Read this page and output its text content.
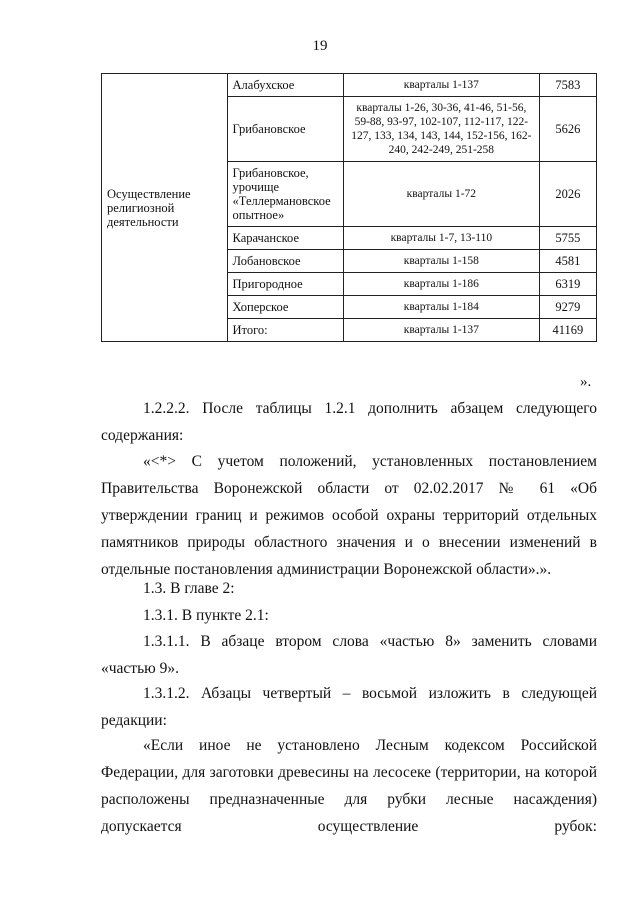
19
Осуществление религиозной деятельности	Алабухское	кварталы 1-137	7583
	Грибановское	кварталы 1-26, 30-36, 41-46, 51-56, 59-88, 93-97, 102-107, 112-117, 122-127, 133, 134, 143, 144, 152-156, 162-240, 242-249, 251-258	5626
	Грибановское, урочище «Теллермановское опытное»	кварталы 1-72	2026
	Карачанское	кварталы 1-7, 13-110	5755
	Лобановское	кварталы 1-158	4581
	Пригородное	кварталы 1-186	6319
	Хоперское	кварталы 1-184	9279
	Итого:	кварталы 1-137	41169
».
1.2.2.2. После таблицы 1.2.1 дополнить абзацем следующего содержания:
«<*> С учетом положений, установленных постановлением Правительства Воронежской области от 02.02.2017 № 61 «Об утверждении границ и режимов особой охраны территорий отдельных памятников природы областного значения и о внесении изменений в отдельные постановления администрации Воронежской области».».
1.3. В главе 2:
1.3.1. В пункте 2.1:
1.3.1.1. В абзаце втором слова «частью 8» заменить словами «частью 9».
1.3.1.2. Абзацы четвертый – восьмой изложить в следующей редакции:
«Если иное не установлено Лесным кодексом Российской Федерации, для заготовки древесины на лесосеке (территории, на которой расположены предназначенные для рубки лесные насаждения) допускается осуществление рубок:
